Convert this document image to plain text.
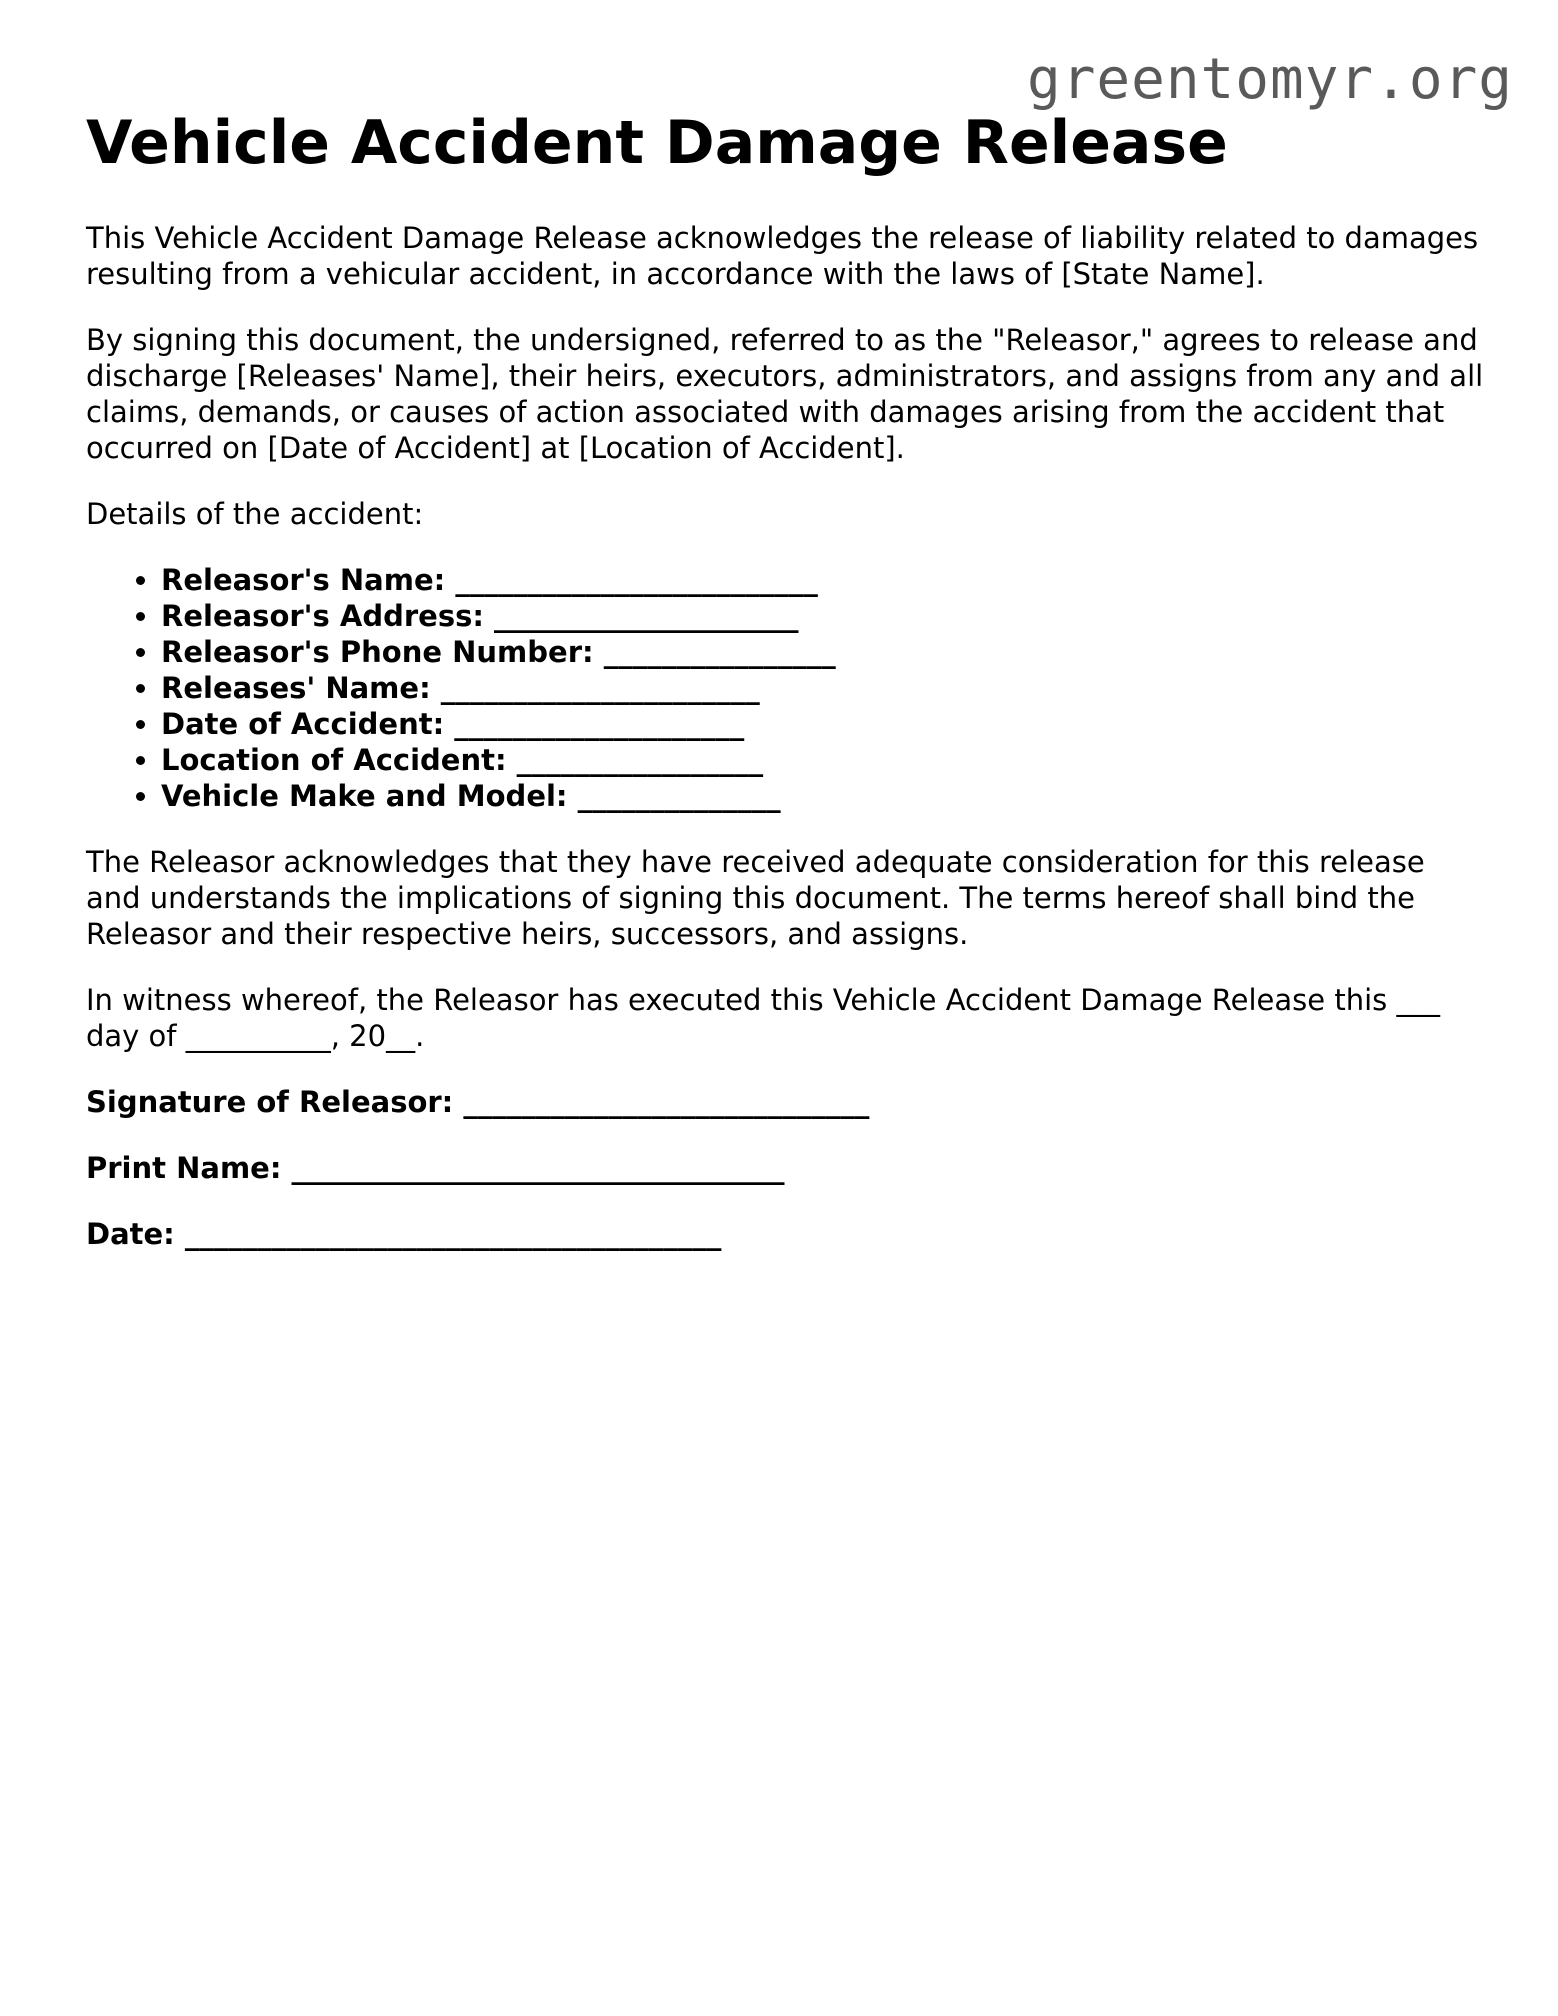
greentomyr.org
Vehicle Accident Damage Release

This Vehicle Accident Damage Release acknowledges the release of liability related to damages resulting from a vehicular accident, in accordance with the laws of [State Name].

By signing this document, the undersigned, referred to as the "Releasor," agrees to release and discharge [Releases' Name], their heirs, executors, administrators, and assigns from any and all claims, demands, or causes of action associated with damages arising from the accident that occurred on [Date of Accident] at [Location of Accident].

Details of the accident:

• Releasor's Name: _________________________
• Releasor's Address: _____________________
• Releasor's Phone Number: ________________
• Releases' Name: ______________________
• Date of Accident: ____________________
• Location of Accident: _________________
• Vehicle Make and Model: ______________

The Releasor acknowledges that they have received adequate consideration for this release and understands the implications of signing this document. The terms hereof shall bind the Releasor and their respective heirs, successors, and assigns.

In witness whereof, the Releasor has executed this Vehicle Accident Damage Release this ___ day of __________, 20__.

Signature of Releasor: ____________________________
Print Name: __________________________________
Date: _____________________________________
